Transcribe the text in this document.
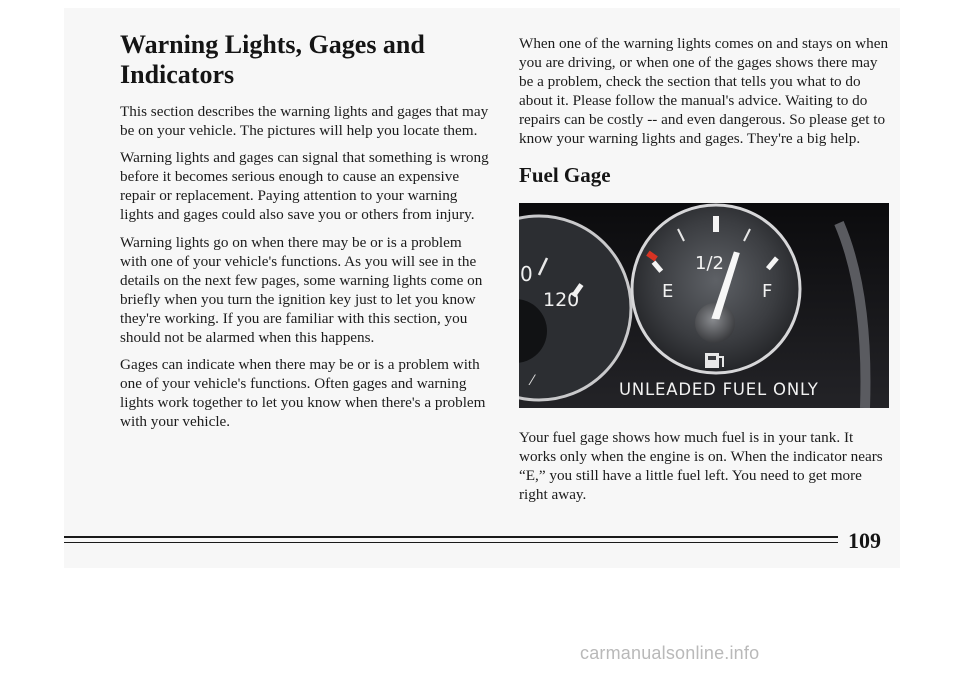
Warning Lights, Gages and Indicators

This section describes the warning lights and gages that may be on your vehicle. The pictures will help you locate them.

Warning lights and gages can signal that something is wrong before it becomes serious enough to cause an expensive repair or replacement. Paying attention to your warning lights and gages could also save you or others from injury.

Warning lights go on when there may be or is a problem with one of your vehicle's functions. As you will see in the details on the next few pages, some warning lights come on briefly when you turn the ignition key just to let you know they're working. If you are familiar with this section, you should not be alarmed when this happens.

Gages can indicate when there may be or is a problem with one of your vehicle's functions. Often gages and warning lights work together to let you know when there's a problem with your vehicle.

When one of the warning lights comes on and stays on when you are driving, or when one of the gages shows there may be a problem, check the section that tells you what to do about it. Please follow the manual's advice. Waiting to do repairs can be costly -- and even dangerous. So please get to know your warning lights and gages. They're a big help.

Fuel Gage
0
120
1/2
E	F
⁄	UNLEADED FUEL ONLY

Your fuel gage shows how much fuel is in your tank. It works only when the engine is on. When the indicator nears “E,” you still have a little fuel left. You need to get more right away.

109
carmanualsonline.info
